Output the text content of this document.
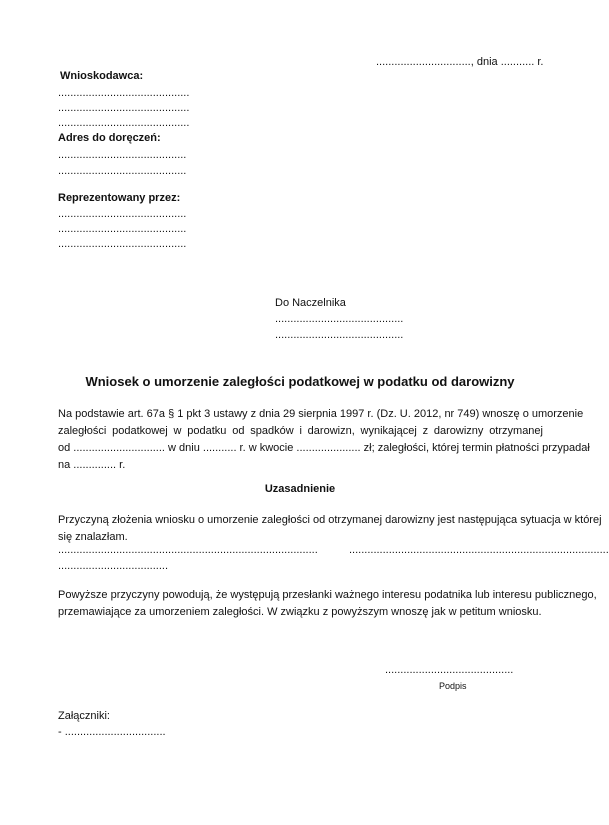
..............................., dnia ........... r.
Wnioskodawca:
...........................................
...........................................
...........................................
Adres do doręczeń:
..........................................
..........................................
Reprezentowany przez:
..........................................
..........................................
..........................................
Do Naczelnika
..........................................
..........................................
Wniosek o umorzenie zaległości podatkowej w podatku od darowizny
Na podstawie art. 67a § 1 pkt 3 ustawy z dnia 29 sierpnia 1997 r. (Dz. U. 2012, nr 749) wnoszę o umorzenie
zaległości podatkowej w podatku od spadków i darowizn, wynikającej z darowizny otrzymanej
od .............................. w dniu ........... r. w kwocie ..................... zł; zaległości, której termin płatności przypadał
na .............. r.
Uzasadnienie
Przyczyną złożenia wniosku o umorzenie zaległości od otrzymanej darowizny jest następująca sytuacja w której
się znalazłam.
.....................................................................................	.....................................................................................
....................................
Powyższe przyczyny powodują, że występują przesłanki ważnego interesu podatnika lub interesu publicznego,
przemawiające za umorzeniem zaległości. W związku z powyższym wnoszę jak w petitum wniosku.
..........................................
Podpis
Załączniki:
- .................................
